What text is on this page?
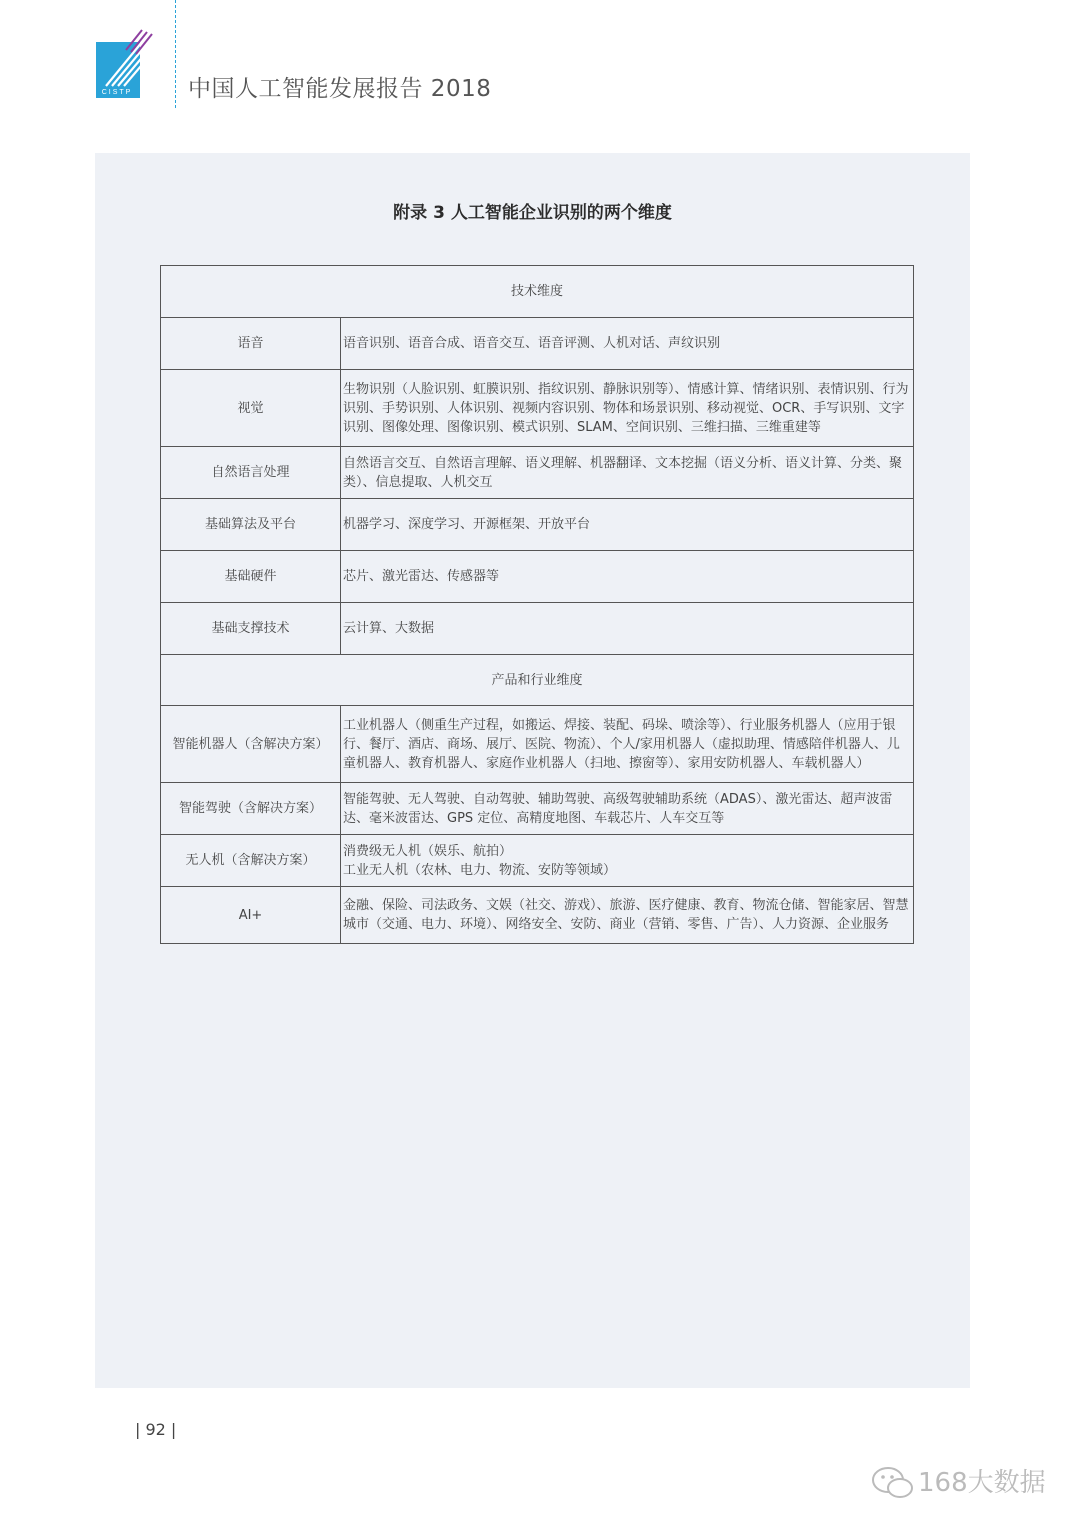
CISTP 中国人工智能发展报告 2018
附录 3 人工智能企业识别的两个维度
技术维度	
语音	语音识别、语音合成、语音交互、语音评测、人机对话、声纹识别
视觉	生物识别（人脸识别、虹膜识别、指纹识别、静脉识别等）、情感计算、情绪识别、表情识别、行为识别、手势识别、人体识别、视频内容识别、物体和场景识别、移动视觉、OCR、手写识别、文字识别、图像处理、图像识别、模式识别、SLAM、空间识别、三维扫描、三维重建等
自然语言处理	自然语言交互、自然语言理解、语义理解、机器翻译、文本挖掘（语义分析、语义计算、分类、聚类）、信息提取、人机交互
基础算法及平台	机器学习、深度学习、开源框架、开放平台
基础硬件	芯片、激光雷达、传感器等
基础支撑技术	云计算、大数据
产品和行业维度	
智能机器人（含解决方案）	工业机器人（侧重生产过程，如搬运、焊接、装配、码垛、喷涂等）、行业服务机器人（应用于银行、餐厅、酒店、商场、展厅、医院、物流）、个人/家用机器人（虚拟助理、情感陪伴机器人、儿童机器人、教育机器人、家庭作业机器人（扫地、擦窗等）、家用安防机器人、车载机器人）
智能驾驶（含解决方案）	智能驾驶、无人驾驶、自动驾驶、辅助驾驶、高级驾驶辅助系统（ADAS）、激光雷达、超声波雷达、毫米波雷达、GPS 定位、高精度地图、车载芯片、人车交互等
无人机（含解决方案）	消费级无人机（娱乐、航拍）
工业无人机（农林、电力、物流、安防等领域）

AI+	金融、保险、司法政务、文娱（社交、游戏）、旅游、医疗健康、教育、物流仓储、智能家居、智慧城市（交通、电力、环境）、网络安全、安防、商业（营销、零售、广告）、人力资源、企业服务
| 92 |
168大数据
